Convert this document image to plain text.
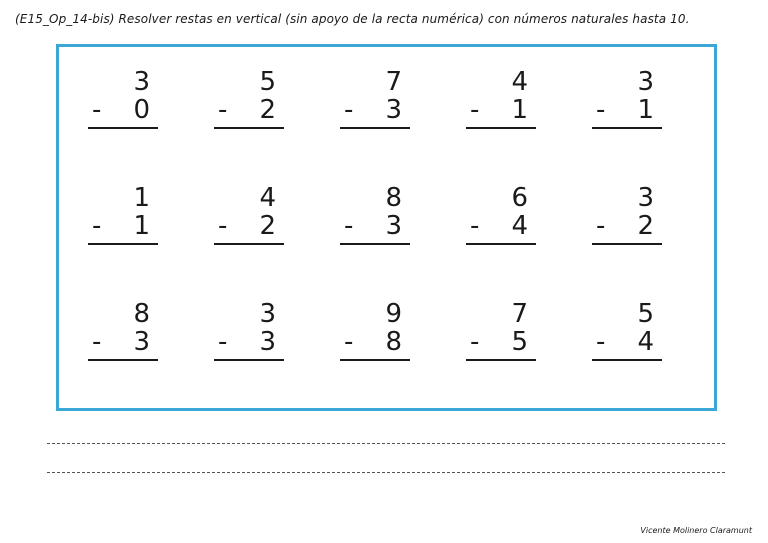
(E15_Op_14-bis) Resolver restas en vertical (sin apoyo de la recta numérica) con números naturales hasta 10.
3
- 0
5
- 2
7
- 3
4
- 1
3
- 1
1
- 1
4
- 2
8
- 3
6
- 4
3
- 2
8
- 3
3
- 3
9
- 8
7
- 5
5
- 4
Vicente Molinero Claramunt
